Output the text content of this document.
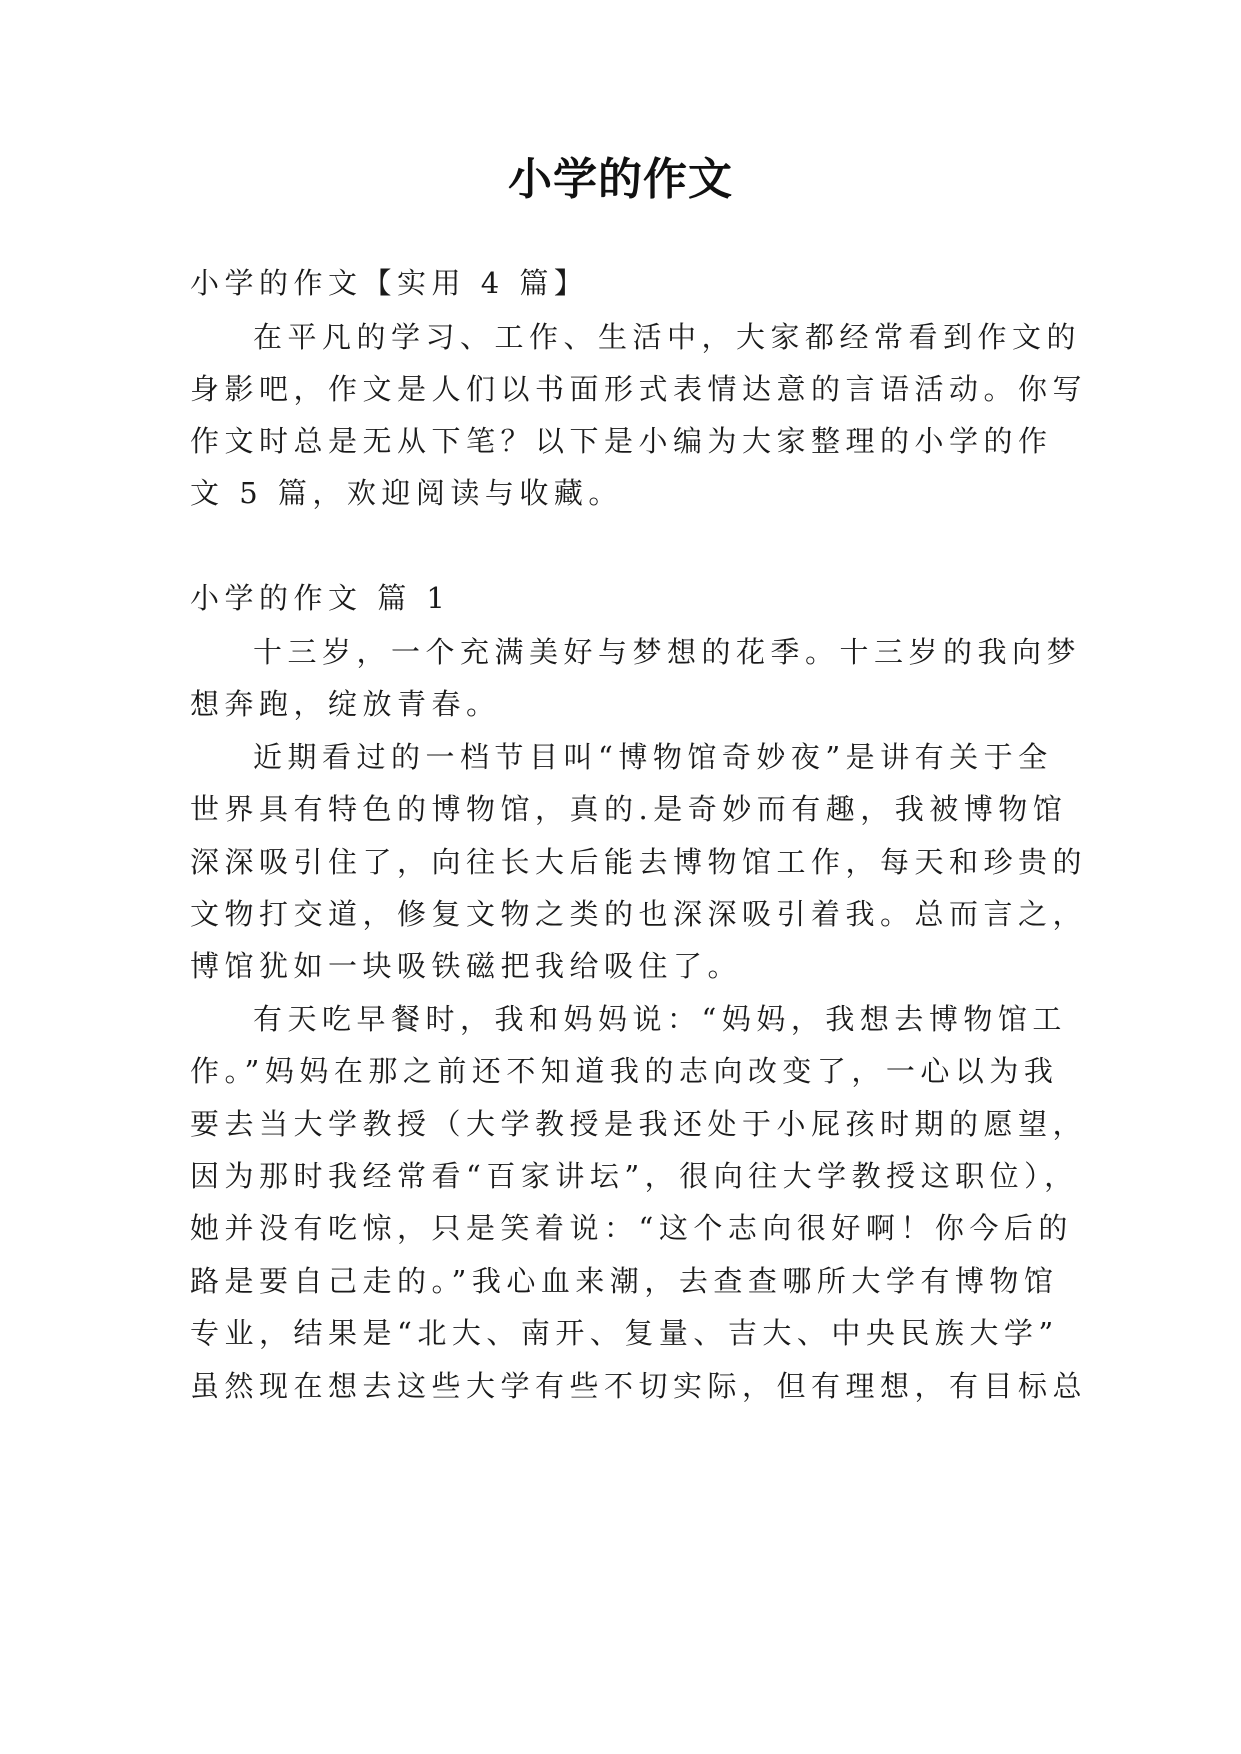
小学的作文
小学的作文【实用 4 篇】
在平凡的学习、工作、生活中，大家都经常看到作文的
身影吧，作文是人们以书面形式表情达意的言语活动。你写
作文时总是无从下笔？以下是小编为大家整理的小学的作
文 5 篇，欢迎阅读与收藏。
小学的作文 篇 1
十三岁，一个充满美好与梦想的花季。十三岁的我向梦
想奔跑，绽放青春。
近期看过的一档节目叫“博物馆奇妙夜”是讲有关于全
世界具有特色的博物馆，真的.是奇妙而有趣，我被博物馆
深深吸引住了，向往长大后能去博物馆工作，每天和珍贵的
文物打交道，修复文物之类的也深深吸引着我。总而言之，
博馆犹如一块吸铁磁把我给吸住了。
有天吃早餐时，我和妈妈说：“妈妈，我想去博物馆工
作。”妈妈在那之前还不知道我的志向改变了，一心以为我
要去当大学教授（大学教授是我还处于小屁孩时期的愿望，
因为那时我经常看“百家讲坛”，很向往大学教授这职位），
她并没有吃惊，只是笑着说：“这个志向很好啊！你今后的
路是要自己走的。”我心血来潮，去查查哪所大学有博物馆
专业，结果是“北大、南开、复量、吉大、中央民族大学”
虽然现在想去这些大学有些不切实际，但有理想，有目标总
